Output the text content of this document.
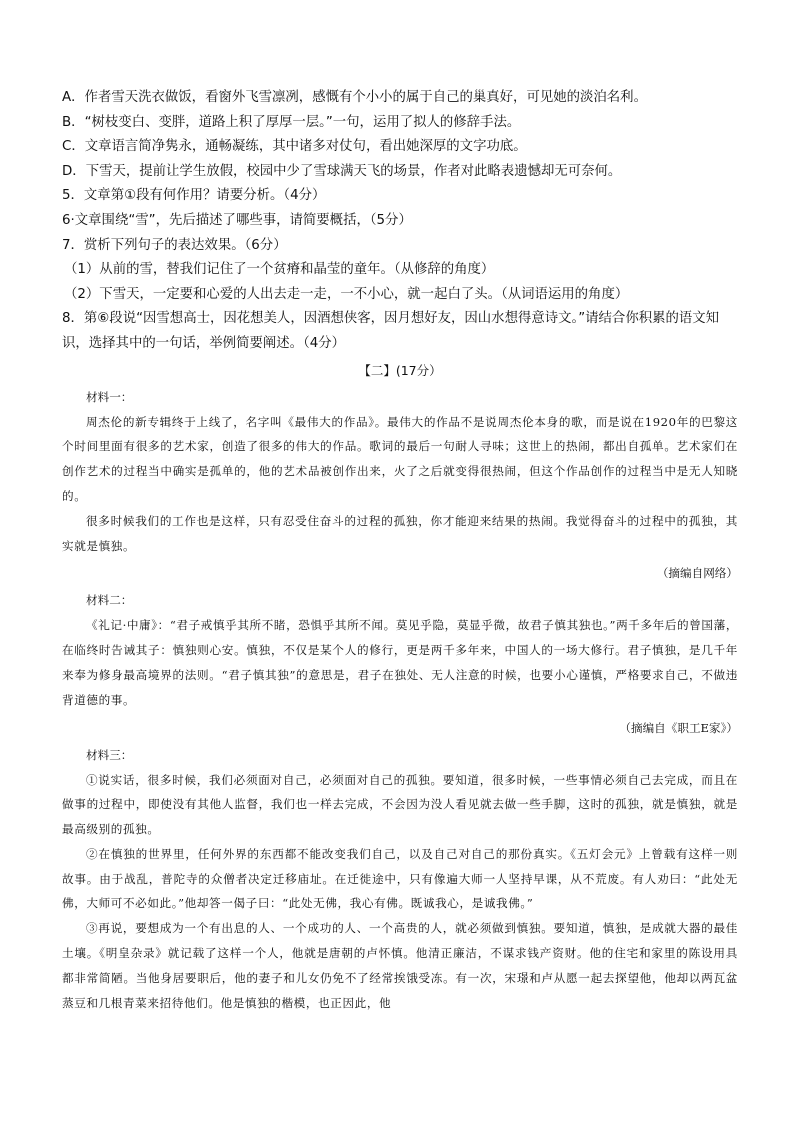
A．作者雪天洗衣做饭，看窗外飞雪凛冽，感慨有个小小的属于自己的巢真好，可见她的淡泊名利。

B．“树枝变白、变胖，道路上积了厚厚一层。”一句，运用了拟人的修辞手法。

C．文章语言简净隽永，通畅凝练，其中诸多对仗句，看出她深厚的文字功底。

D．下雪天，提前让学生放假，校园中少了雪球满天飞的场景，作者对此略表遗憾却无可奈何。

5．文章第①段有何作用？请要分析。（4分）

6·文章围绕“雪”，先后描述了哪些事，请简要概括，（5分）

7．赏析下列句子的表达效果。（6分）

（1）从前的雪，替我们记住了一个贫瘠和晶莹的童年。（从修辞的角度）

（2）下雪天，一定要和心爱的人出去走一走，一不小心，就一起白了头。（从词语运用的角度）

8．第⑥段说“因雪想高士，因花想美人，因酒想侠客，因月想好友，因山水想得意诗文。”请结合你积累的语文知识，选择其中的一句话，举例简要阐述。（4分）

【二】(17分）

材料一：

周杰伦的新专辑终于上线了，名字叫《最伟大的作品》。最伟大的作品不是说周杰伦本身的歌，而是说在1920年的巴黎这个时间里面有很多的艺术家，创造了很多的伟大的作品。歌词的最后一句耐人寻味；这世上的热闹，都出自孤单。艺术家们在创作艺术的过程当中确实是孤单的，他的艺术品被创作出来，火了之后就变得很热闹，但这个作品创作的过程当中是无人知晓的。

很多时候我们的工作也是这样，只有忍受住奋斗的过程的孤独，你才能迎来结果的热闹。我觉得奋斗的过程中的孤独，其实就是慎独。

（摘编自网络）

材料二：

《礼记·中庸》：“君子戒慎乎其所不睹，恐惧乎其所不闻。莫见乎隐，莫显乎微，故君子慎其独也。”两千多年后的曾国藩，在临终时告诫其子：慎独则心安。慎独，不仅是某个人的修行，更是两千多年来，中国人的一场大修行。君子慎独，是几千年来奉为修身最高境界的法则。“君子慎其独”的意思是，君子在独处、无人注意的时候，也要小心谨慎，严格要求自己，不做违背道德的事。

（摘编自《职工E家》）

材料三：

①说实话，很多时候，我们必须面对自己，必须面对自己的孤独。要知道，很多时候，一些事情必须自己去完成，而且在做事的过程中，即使没有其他人监督，我们也一样去完成，不会因为没人看见就去做一些手脚，这时的孤独，就是慎独，就是最高级别的孤独。

②在慎独的世界里，任何外界的东西都不能改变我们自己，以及自己对自己的那份真实。《五灯会元》上曾载有这样一则故事。由于战乱，普陀寺的众僧者决定迁移庙址。在迁徙途中，只有像遍大师一人坚持早课，从不荒废。有人劝曰：“此处无佛，大师可不必如此。”他却答一偈子曰：“此处无佛，我心有佛。既诚我心，是诚我佛。”

③再说，要想成为一个有出息的人、一个成功的人、一个高贵的人，就必须做到慎独。要知道，慎独，是成就大器的最佳土壤。《明皇杂录》就记载了这样一个人，他就是唐朝的卢怀慎。他清正廉洁，不谋求钱产资财。他的住宅和家里的陈设用具都非常简陋。当他身居要职后，他的妻子和儿女仍免不了经常挨饿受冻。有一次，宋璟和卢从愿一起去探望他，他却以两瓦盆蒸豆和几根青菜来招待他们。他是慎独的楷模，也正因此，他
